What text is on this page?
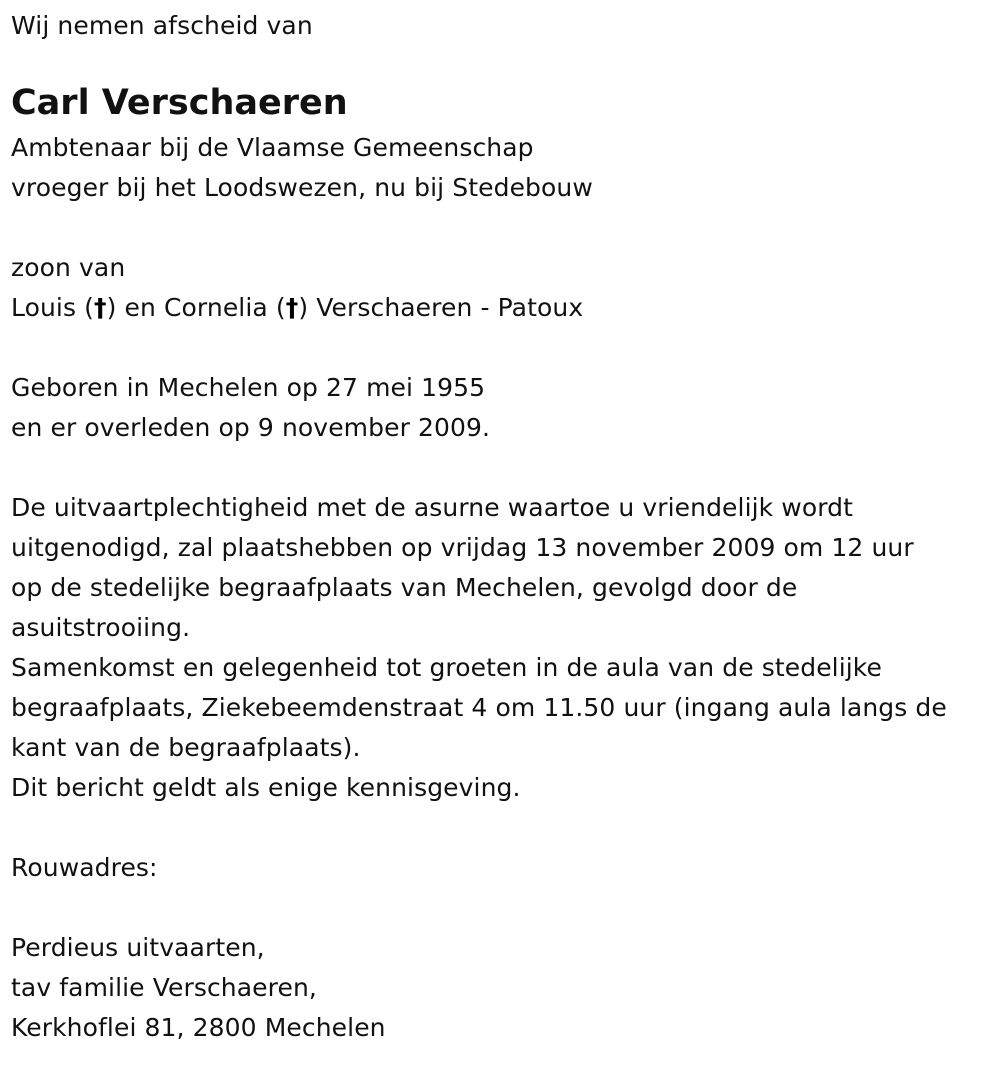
Wij nemen afscheid van
Carl Verschaeren
Ambtenaar bij de Vlaamse Gemeenschap
vroeger bij het Loodswezen, nu bij Stedebouw
zoon van
Louis (†) en Cornelia (†) Verschaeren - Patoux
Geboren in Mechelen op 27 mei 1955
en er overleden op 9 november 2009.
De uitvaartplechtigheid met de asurne waartoe u vriendelijk wordt
uitgenodigd, zal plaatshebben op vrijdag 13 november 2009 om 12 uur
op de stedelijke begraafplaats van Mechelen, gevolgd door de
asuitstrooiing.
Samenkomst en gelegenheid tot groeten in de aula van de stedelijke
begraafplaats, Ziekebeemdenstraat 4 om 11.50 uur (ingang aula langs de
kant van de begraafplaats).
Dit bericht geldt als enige kennisgeving.
Rouwadres:
Perdieus uitvaarten,
tav familie Verschaeren,
Kerkhoflei 81, 2800 Mechelen
